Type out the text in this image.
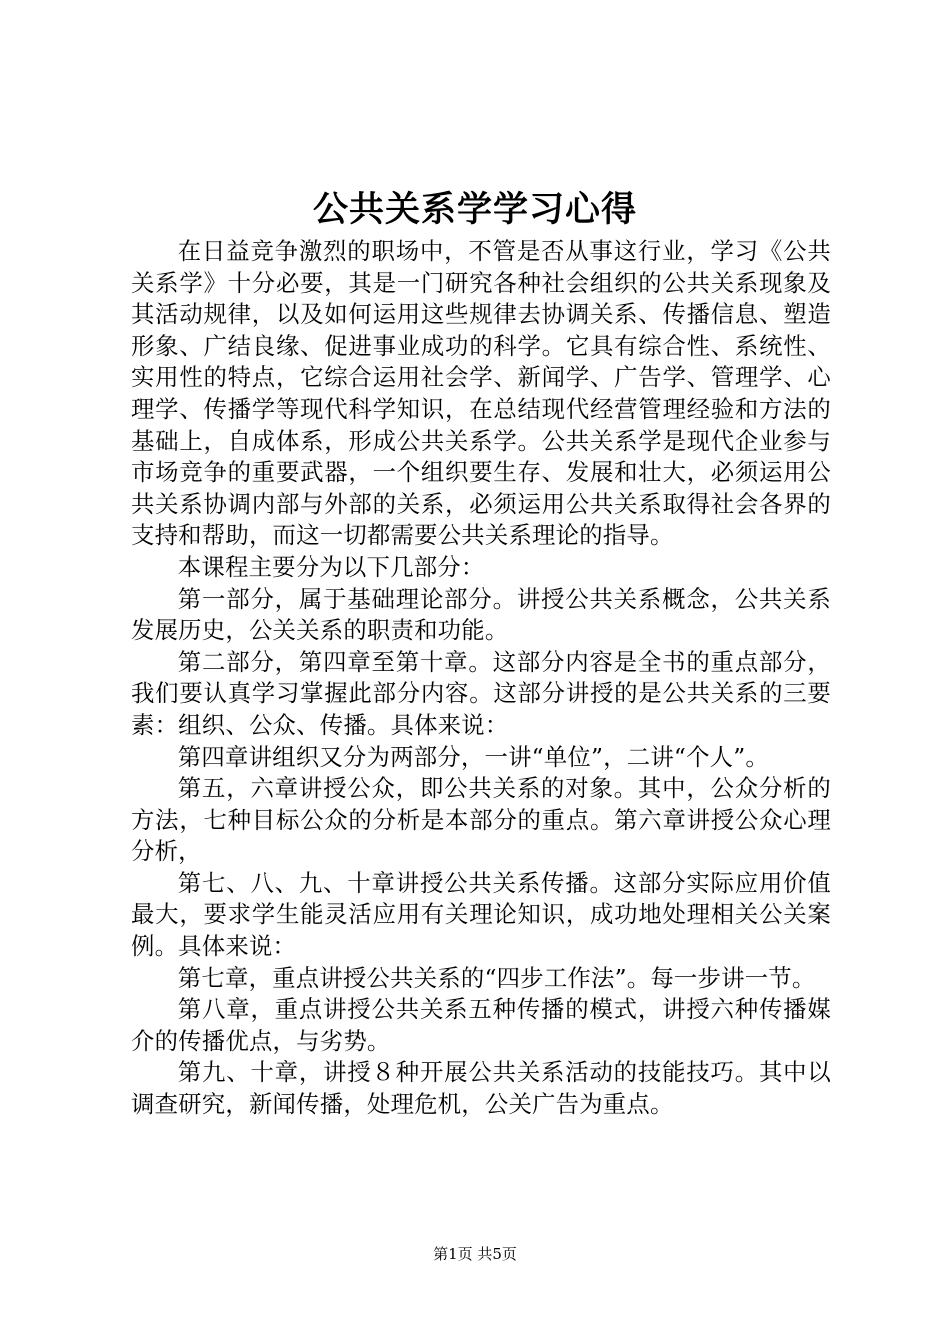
公共关系学学习心得

在日益竞争激烈的职场中，不管是否从事这行业，学习《公共关系学》十分必要，其是一门研究各种社会组织的公共关系现象及其活动规律，以及如何运用这些规律去协调关系、传播信息、塑造形象、广结良缘、促进事业成功的科学。它具有综合性、系统性、实用性的特点，它综合运用社会学、新闻学、广告学、管理学、心理学、传播学等现代科学知识，在总结现代经营管理经验和方法的基础上，自成体系，形成公共关系学。公共关系学是现代企业参与市场竞争的重要武器，一个组织要生存、发展和壮大，必须运用公共关系协调内部与外部的关系，必须运用公共关系取得社会各界的支持和帮助，而这一切都需要公共关系理论的指导。

本课程主要分为以下几部分：

第一部分，属于基础理论部分。讲授公共关系概念，公共关系发展历史，公关关系的职责和功能。

第二部分，第四章至第十章。这部分内容是全书的重点部分，我们要认真学习掌握此部分内容。这部分讲授的是公共关系的三要素：组织、公众、传播。具体来说：

第四章讲组织又分为两部分，一讲“单位”，二讲“个人”。

第五，六章讲授公众，即公共关系的对象。其中，公众分析的方法，七种目标公众的分析是本部分的重点。第六章讲授公众心理分析，

第七、八、九、十章讲授公共关系传播。这部分实际应用价值最大，要求学生能灵活应用有关理论知识，成功地处理相关公关案例。具体来说：

第七章，重点讲授公共关系的“四步工作法”。每一步讲一节。

第八章，重点讲授公共关系五种传播的模式，讲授六种传播媒介的传播优点，与劣势。

第九、十章，讲授８种开展公共关系活动的技能技巧。其中以调查研究，新闻传播，处理危机，公关广告为重点。

第1页 共5页
